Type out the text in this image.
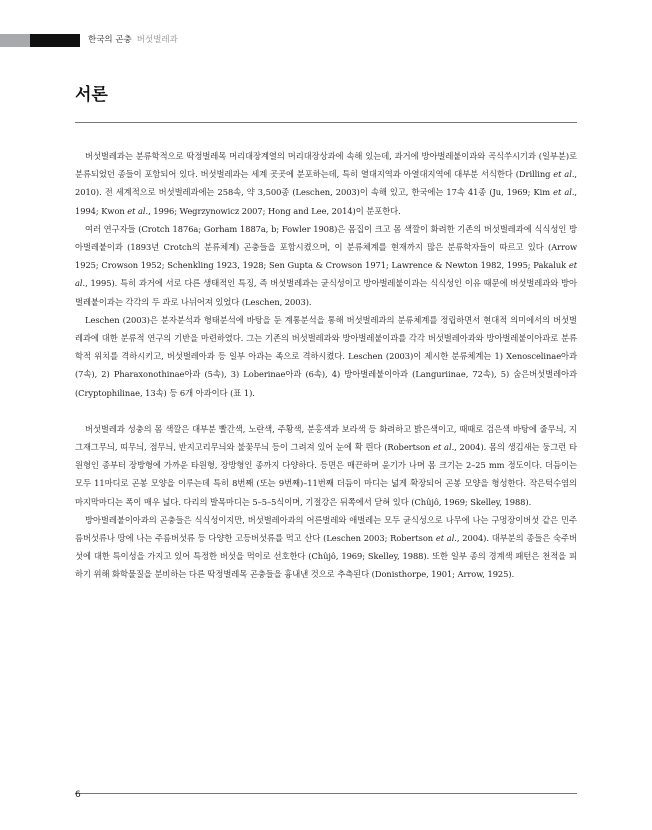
한국의 곤충 버섯벌레과
서론

버섯벌레과는 분류학적으로 딱정벌레목 머리대장계열의 머리대장상과에 속해 있는데, 과거에 방아벌레붙이과와 곡식쑤시기과 (일부분)로 분류되었던 종들이 포함되어 있다. 버섯벌레과는 세계 곳곳에 분포하는데, 특히 열대지역과 아열대지역에 대부분 서식한다 (Drilling et al., 2010). 전 세계적으로 버섯벌레과에는 258속, 약 3,500종 (Leschen, 2003)이 속해 있고, 한국에는 17속 41종 (Ju, 1969; Kim et al., 1994; Kwon et al., 1996; Wegrzynowicz 2007; Hong and Lee, 2014)이 분포한다.

여러 연구자들 (Crotch 1876a; Gorham 1887a, b; Fowler 1908)은 몸집이 크고 몸 색깔이 화려한 기존의 버섯벌레과에 식식성인 방아벌레붙이과 (1893년 Crotch의 분류체계) 곤충들을 포함시켰으며, 이 분류체계를 현재까지 많은 분류학자들이 따르고 있다 (Arrow 1925; Crowson 1952; Schenkling 1923, 1928; Sen Gupta & Crowson 1971; Lawrence & Newton 1982, 1995; Pakaluk et al., 1995). 특히 과거에 서로 다른 생태적인 특징, 즉 버섯벌레과는 균식성이고 방아벌레붙이과는 식식성인 이유 때문에 버섯벌레과와 방아벌레붙이과는 각각의 두 과로 나뉘어져 있었다 (Leschen, 2003).

Leschen (2003)은 분자분석과 형태분석에 바탕을 둔 계통분석을 통해 버섯벌레과의 분류체계를 정립하면서 현대적 의미에서의 버섯벌레과에 대한 분류적 연구의 기반을 마련하였다. 그는 기존의 버섯벌레과와 방아벌레붙이과를 각각 버섯벌레아과와 방아벌레붙이아과로 분류학적 위치를 격하시키고, 버섯벌레아과 등 일부 아과는 족으로 격하시켰다. Leschen (2003)이 제시한 분류체계는 1) Xenoscelinae아과 (7속), 2) Pharaxonothinae아과 (5속), 3) Loberinae아과 (6속), 4) 방아벌레붙이아과 (Languriinae, 72속), 5) 숨은버섯벌레아과 (Cryptophilinae, 13속) 등 6개 아과이다 (표 1).

버섯벌레과 성충의 몸 색깔은 대부분 빨간색, 노란색, 주황색, 분홍색과 보라색 등 화려하고 밝은색이고, 때때로 검은색 바탕에 줄무늬, 지그재그무늬, 띠무늬, 점무늬, 반지고리무늬와 불꽃무늬 등이 그려져 있어 눈에 확 띈다 (Robertson et al., 2004). 몸의 생김새는 둥그런 타원형인 종부터 장방형에 가까운 타원형, 장방형인 종까지 다양하다. 등면은 매끈하며 윤기가 나며 몸 크기는 2–25 mm 정도이다. 더듬이는 모두 11마디로 곤봉 모양을 이루는데 특히 8번째 (또는 9번째)–11번째 더듬이 마디는 넓게 확장되어 곤봉 모양을 형성한다. 작은턱수염의 마지막마디는 폭이 매우 넓다. 다리의 발목마디는 5–5–5식이며, 기절강은 뒤쪽에서 닫혀 있다 (Chûjô, 1969; Skelley, 1988).

방아벌레붙이아과의 곤충들은 식식성이지만, 버섯벌레아과의 어른벌레와 애벌레는 모두 균식성으로 나무에 나는 구멍장이버섯 같은 민주름버섯류나 땅에 나는 주름버섯류 등 다양한 고등버섯류를 먹고 산다 (Leschen 2003; Robertson et al., 2004). 대부분의 종들은 숙주버섯에 대한 특이성을 가지고 있어 특정한 버섯을 먹이로 선호한다 (Chûjô, 1969; Skelley, 1988). 또한 일부 종의 경계색 패턴은 천적을 피하기 위해 화학물질을 분비하는 다른 딱정벌레목 곤충들을 흉내낸 것으로 추측된다 (Donisthorpe, 1901; Arrow, 1925).

6
